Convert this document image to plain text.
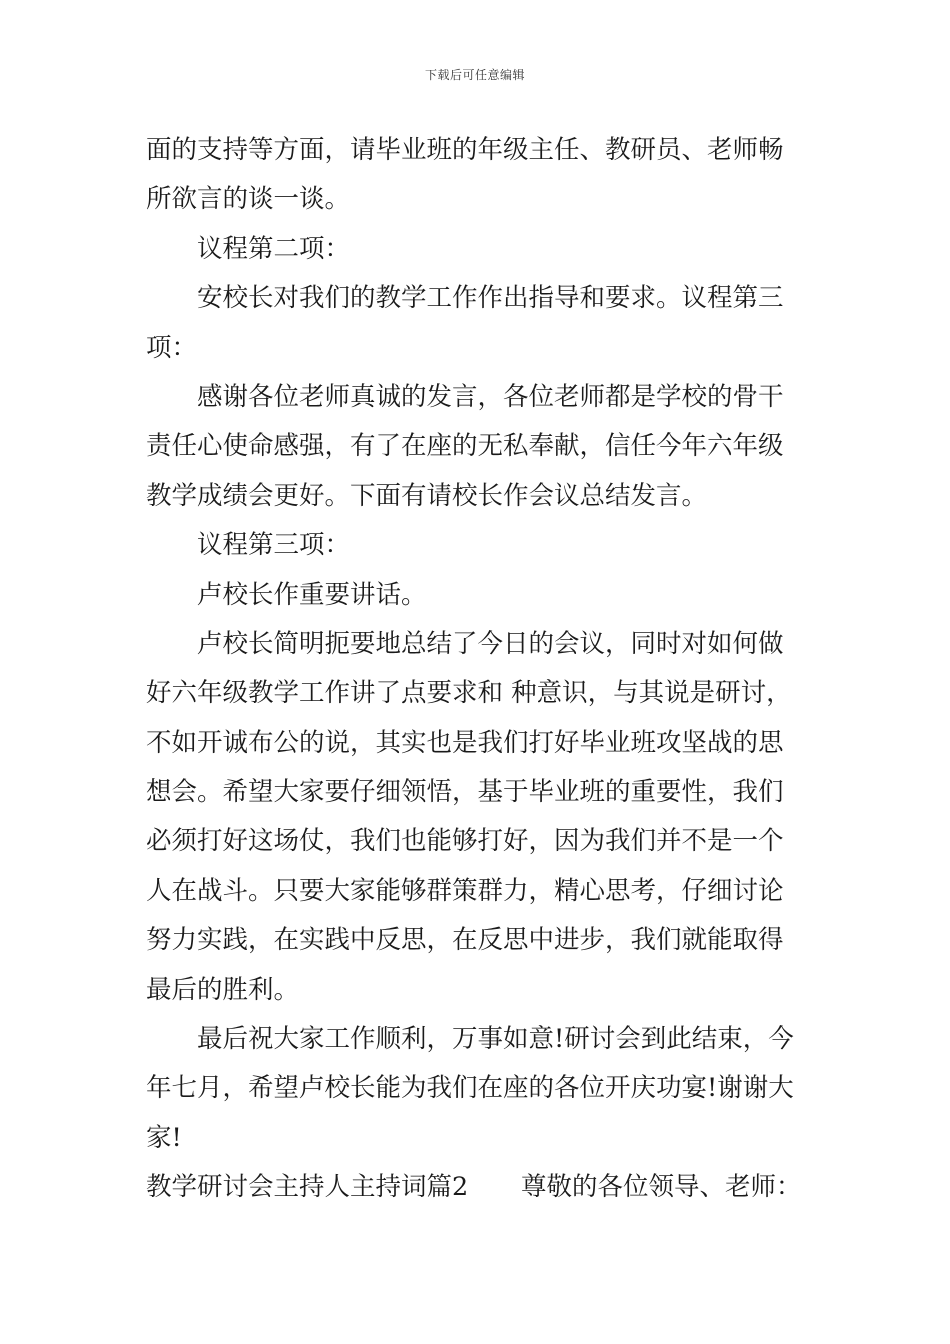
下载后可任意编辑
面的支持等方面，请毕业班的年级主任、教研员、老师畅
所欲言的谈一谈。
议程第二项：
安校长对我们的教学工作作出指导和要求。议程第三
项：
感谢各位老师真诚的发言，各位老师都是学校的骨干
责任心使命感强，有了在座的无私奉献，信任今年六年级
教学成绩会更好。下面有请校长作会议总结发言。
议程第三项：
卢校长作重要讲话。
卢校长简明扼要地总结了今日的会议，同时对如何做
好六年级教学工作讲了点要求和 种意识，与其说是研讨，
不如开诚布公的说，其实也是我们打好毕业班攻坚战的思
想会。希望大家要仔细领悟，基于毕业班的重要性，我们
必须打好这场仗，我们也能够打好，因为我们并不是一个
人在战斗。只要大家能够群策群力，精心思考，仔细讨论
努力实践，在实践中反思，在反思中进步，我们就能取得
最后的胜利。
最后祝大家工作顺利，万事如意!研讨会到此结束，今
年七月，希望卢校长能为我们在座的各位开庆功宴!谢谢大
家!
教学研讨会主持人主持词篇2	尊敬的各位领导、老师：
